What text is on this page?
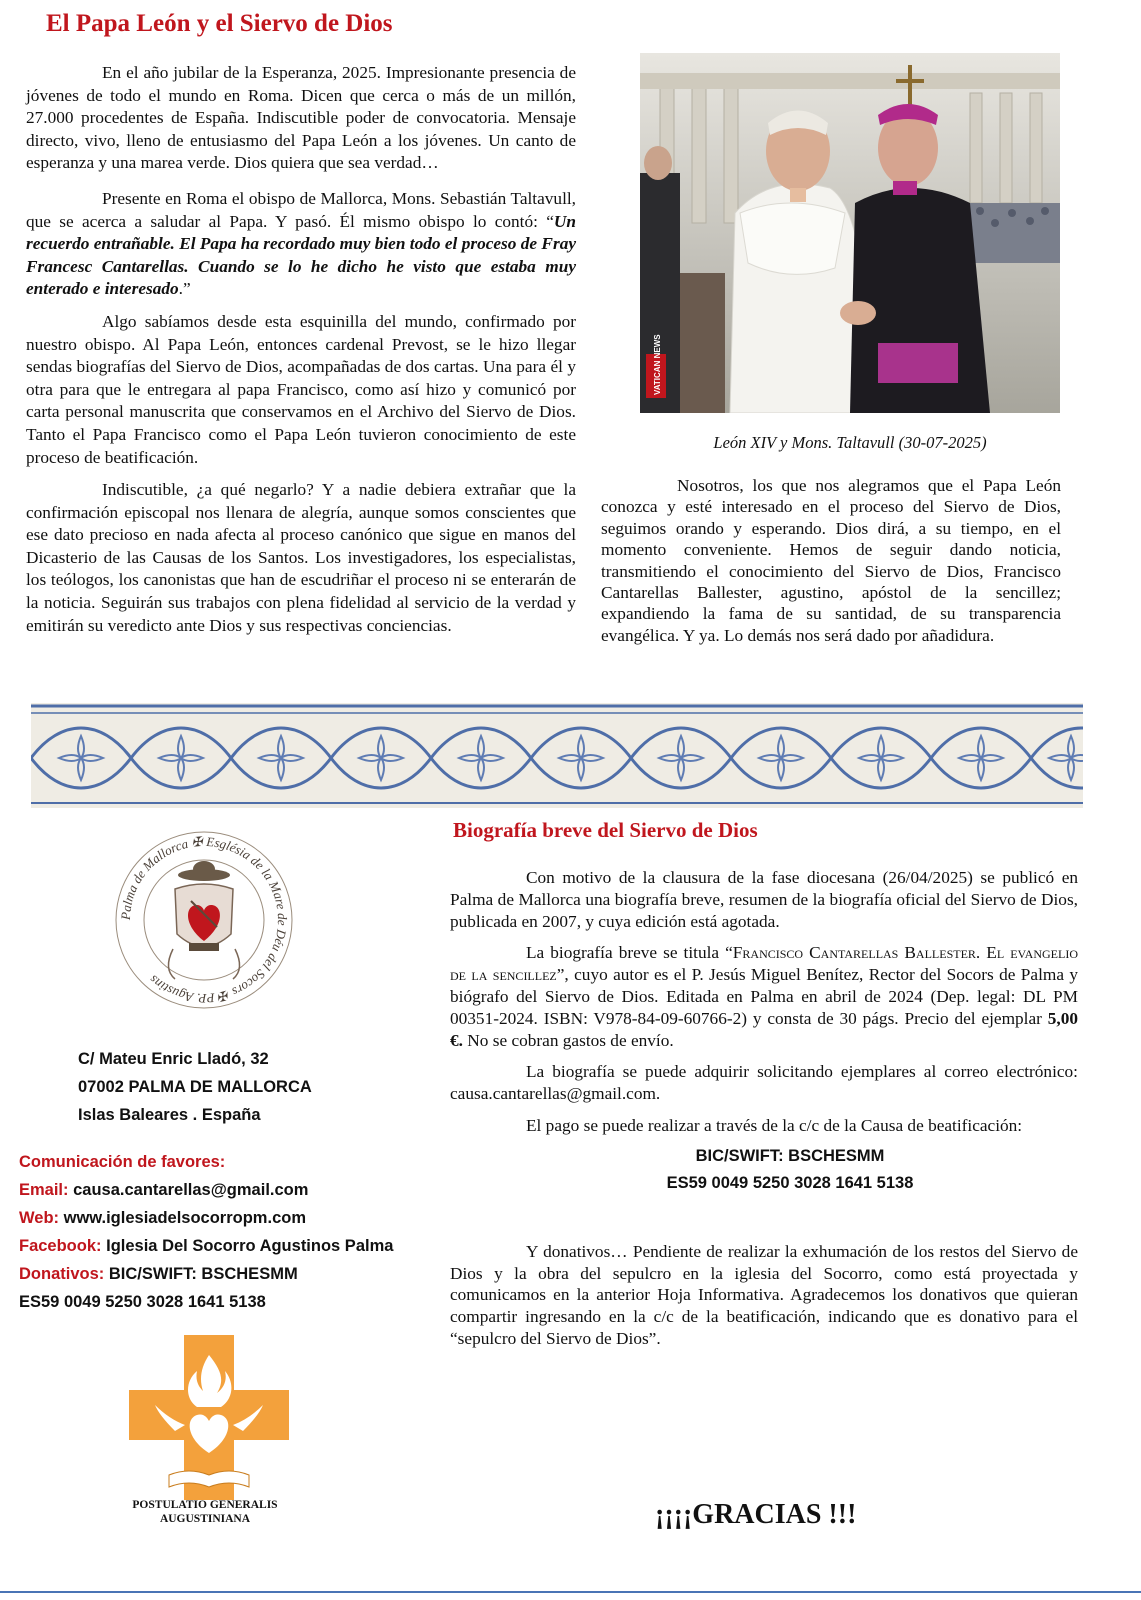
El Papa León y el Siervo de Dios

En el año jubilar de la Esperanza, 2025. Impresionante presencia de jóvenes de todo el mundo en Roma. Dicen que cerca o más de un millón, 27.000 procedentes de España. Indiscutible poder de convocatoria. Mensaje directo, vivo, lleno de entusiasmo del Papa León a los jóvenes. Un canto de esperanza y una marea verde. Dios quiera que sea verdad…

Presente en Roma el obispo de Mallorca, Mons. Sebastián Taltavull, que se acerca a saludar al Papa. Y pasó. Él mismo obispo lo contó: “Un recuerdo entrañable. El Papa ha recordado muy bien todo el proceso de Fray Francesc Cantarellas. Cuando se lo he dicho he visto que estaba muy enterado e interesado.”

Algo sabíamos desde esta esquinilla del mundo, confirmado por nuestro obispo. Al Papa León, entonces cardenal Prevost, se le hizo llegar sendas biografías del Siervo de Dios, acompañadas de dos cartas. Una para él y otra para que le entregara al papa Francisco, como así hizo y comunicó por carta personal manuscrita que conservamos en el Archivo del Siervo de Dios. Tanto el Papa Francisco como el Papa León tuvieron conocimiento de este proceso de beatificación.

Indiscutible, ¿a qué negarlo? Y a nadie debiera extrañar que la confirmación episcopal nos llenara de alegría, aunque somos conscientes que ese dato precioso en nada afecta al proceso canónico que sigue en manos del Dicasterio de las Causas de los Santos. Los investigadores, los especialistas, los teólogos, los canonistas que han de escudriñar el proceso ni se enterarán de la noticia. Seguirán sus trabajos con plena fidelidad al servicio de la verdad y emitirán su veredicto ante Dios y sus respectivas conciencias.

VATICAN NEWS
León XIV y Mons. Taltavull (30-07-2025)

Nosotros, los que nos alegramos que el Papa León conozca y esté interesado en el proceso del Siervo de Dios, seguimos orando y esperando. Dios dirá, a su tiempo, en el momento conveniente. Hemos de seguir dando noticia, transmitiendo el conocimiento del Siervo de Dios, Francisco Cantarellas Ballester, agustino, apóstol de la sencillez; expandiendo la fama de su santidad, de su transparencia evangélica. Y ya. Lo demás nos será dado por añadidura.

Biografía breve del Siervo de Dios

Con motivo de la clausura de la fase diocesana (26/04/2025) se publicó en Palma de Mallorca una biografía breve, resumen de la biografía oficial del Siervo de Dios, publicada en 2007, y cuya edición está agotada.

La biografía breve se titula “Francisco Cantarellas Ballester. El evangelio de la sencillez”, cuyo autor es el P. Jesús Miguel Benítez, Rector del Socors de Palma y biógrafo del Siervo de Dios. Editada en Palma en abril de 2024 (Dep. legal: DL PM 00351-2024. ISBN: V978-84-09-60766-2) y consta de 30 págs. Precio del ejemplar 5,00 €. No se cobran gastos de envío.

La biografía se puede adquirir solicitando ejemplares al correo electrónico: causa.cantarellas@gmail.com.

El pago se puede realizar a través de la c/c de la Causa de beatificación:

BIC/SWIFT: BSCHESMM

ES59 0049 5250 3028 1641 5138

Y donativos… Pendiente de realizar la exhumación de los restos del Siervo de Dios y la obra del sepulcro en la iglesia del Socorro, como está proyectada y comunicamos en la anterior Hoja Informativa. Agradecemos los donativos que quieran compartir ingresando en la c/c de la beatificación, indicando que es donativo para el “sepulcro del Siervo de Dios”.

¡¡¡¡GRACIAS !!!
Palma de Mallorca ✠ Església de la Mare de Déu del Socors ✠ PP. Agustins
C/ Mateu Enric Lladó, 32
07002 PALMA DE MALLORCA
Islas Baleares . España
Comunicación de favores:
Email: causa.cantarellas@gmail.com
Web: www.iglesiadelsocorropm.com
Facebook: Iglesia Del Socorro Agustinos Palma
Donativos: BIC/SWIFT: BSCHESMM
ES59 0049 5250 3028 1641 5138
POSTULATIO GENERALIS
AUGUSTINIANA
